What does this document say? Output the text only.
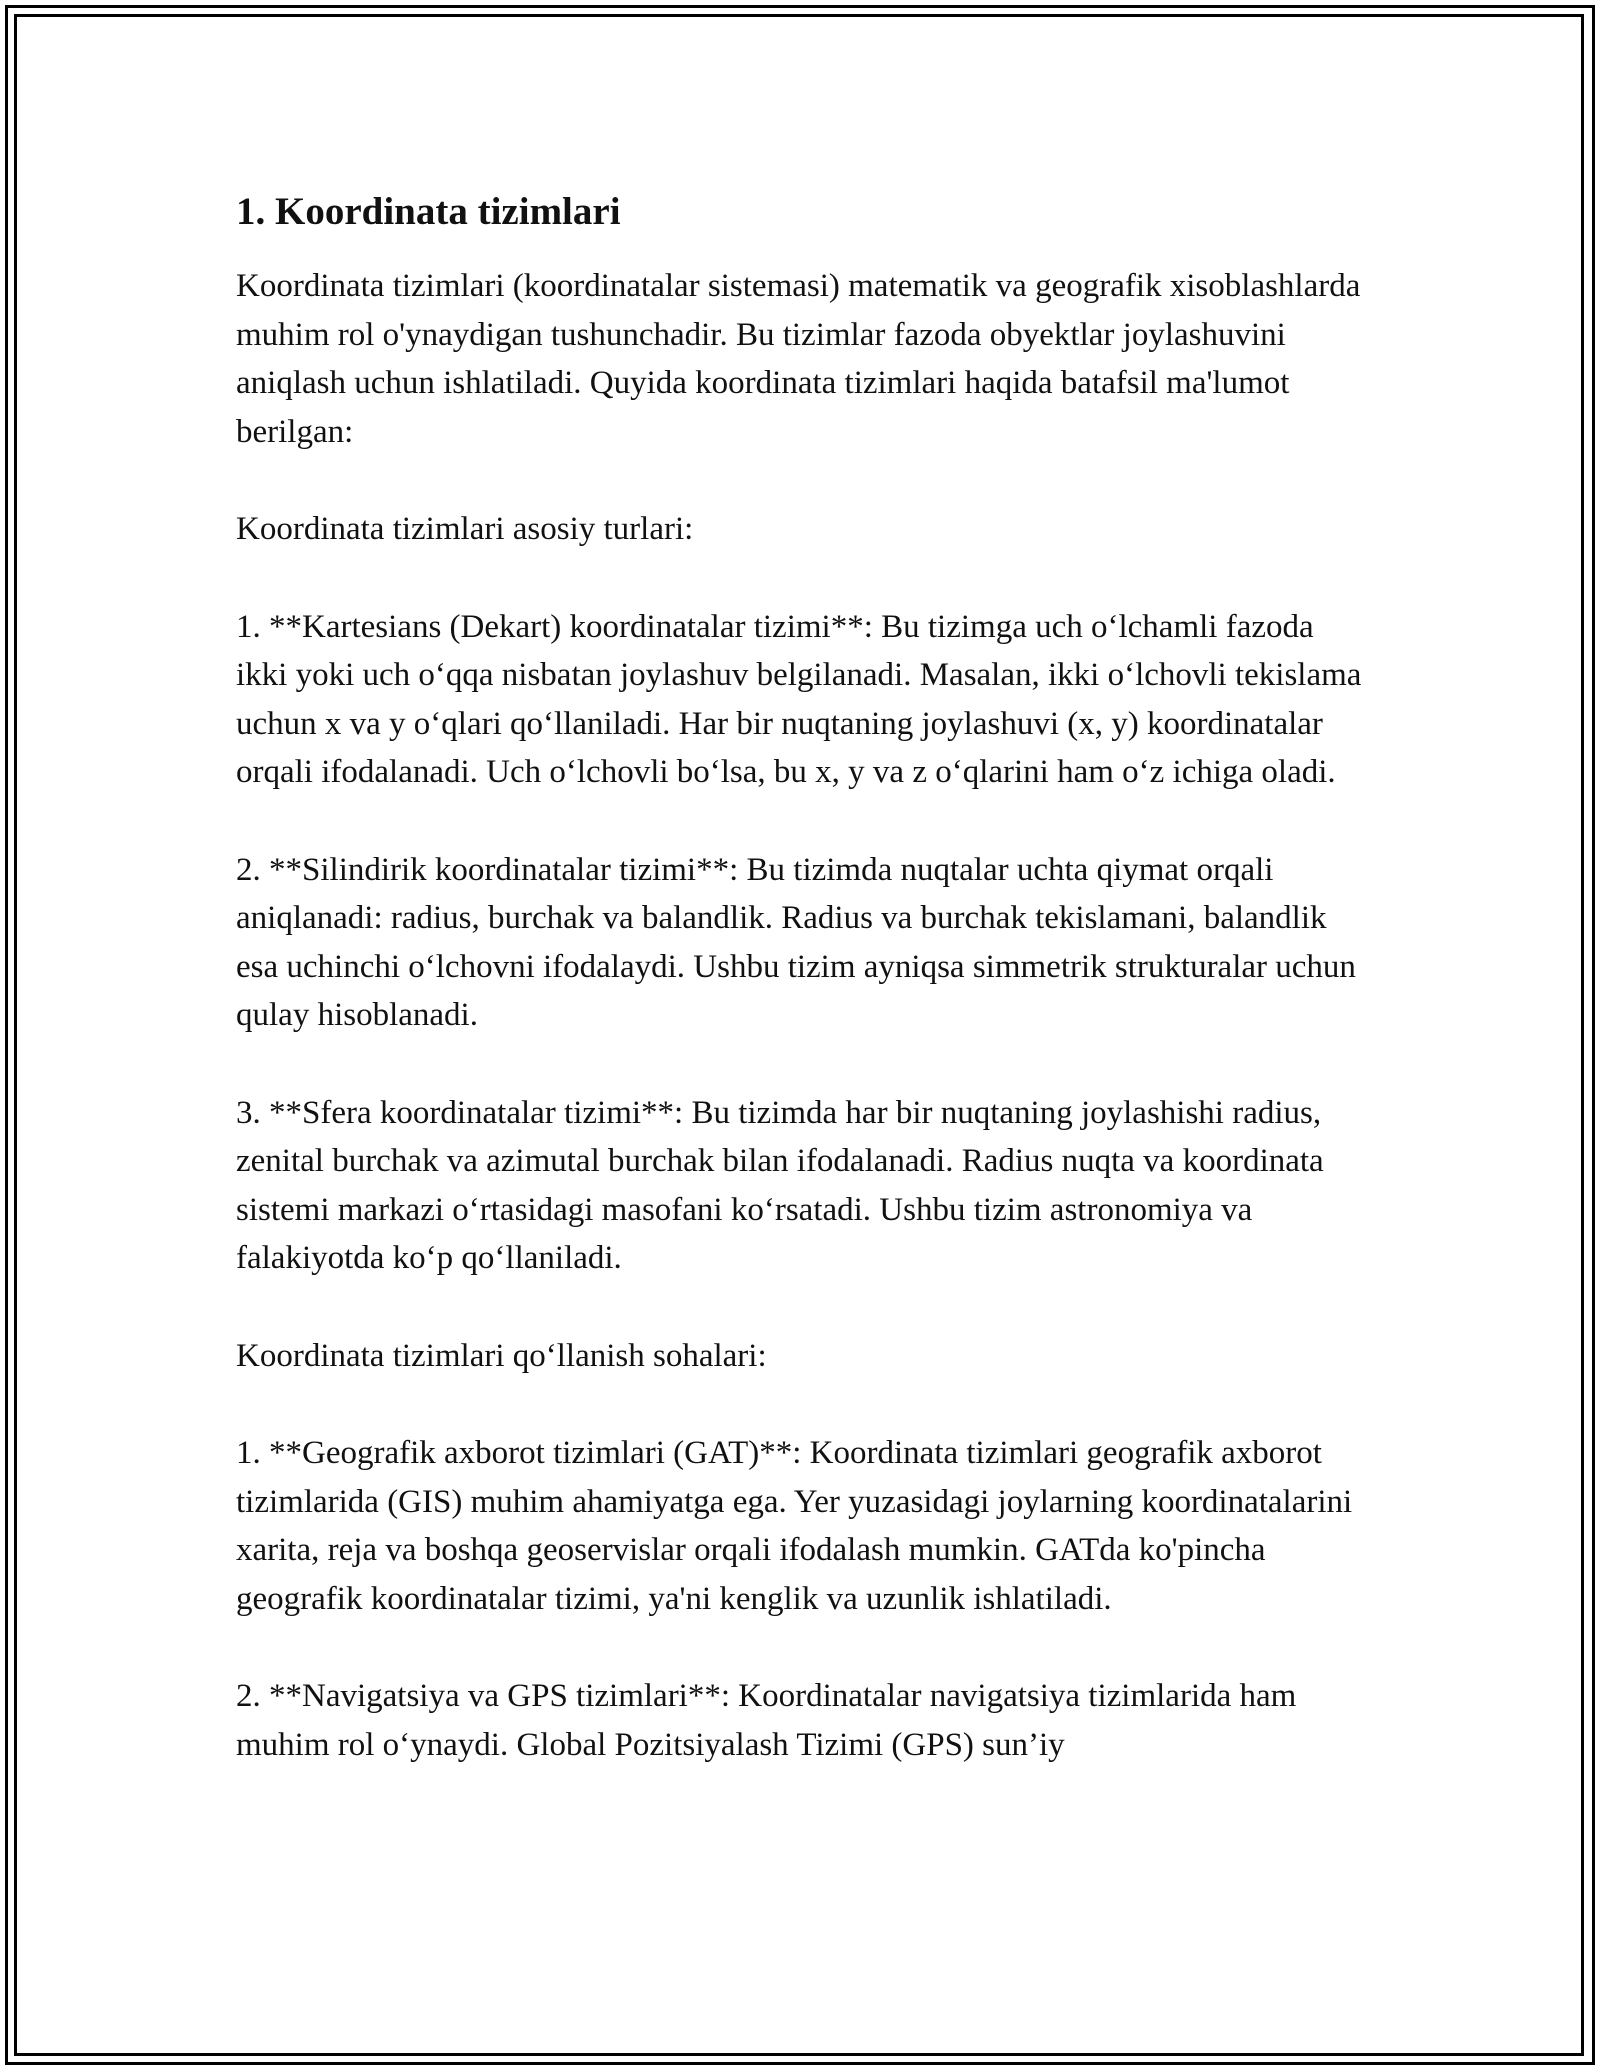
1. Koordinata tizimlari

Koordinata tizimlari (koordinatalar sistemasi) matematik va geografik xisoblashlarda muhim rol o'ynaydigan tushunchadir. Bu tizimlar fazoda obyektlar joylashuvini aniqlash uchun ishlatiladi. Quyida koordinata tizimlari haqida batafsil ma'lumot berilgan:

Koordinata tizimlari asosiy turlari:

1. **Kartesians (Dekart) koordinatalar tizimi**: Bu tizimga uch o‘lchamli fazoda ikki yoki uch o‘qqa nisbatan joylashuv belgilanadi. Masalan, ikki o‘lchovli tekislama uchun x va y o‘qlari qo‘llaniladi. Har bir nuqtaning joylashuvi (x, y) koordinatalar orqali ifodalanadi. Uch o‘lchovli bo‘lsa, bu x, y va z o‘qlarini ham o‘z ichiga oladi.

2. **Silindirik koordinatalar tizimi**: Bu tizimda nuqtalar uchta qiymat orqali aniqlanadi: radius, burchak va balandlik. Radius va burchak tekislamani, balandlik esa uchinchi o‘lchovni ifodalaydi. Ushbu tizim ayniqsa simmetrik strukturalar uchun qulay hisoblanadi.

3. **Sfera koordinatalar tizimi**: Bu tizimda har bir nuqtaning joylashishi radius, zenital burchak va azimutal burchak bilan ifodalanadi. Radius nuqta va koordinata sistemi markazi o‘rtasidagi masofani ko‘rsatadi. Ushbu tizim astronomiya va falakiyotda ko‘p qo‘llaniladi.

Koordinata tizimlari qo‘llanish sohalari:

1. **Geografik axborot tizimlari (GAT)**: Koordinata tizimlari geografik axborot tizimlarida (GIS) muhim ahamiyatga ega. Yer yuzasidagi joylarning koordinatalarini xarita, reja va boshqa geoservislar orqali ifodalash mumkin. GATda ko'pincha geografik koordinatalar tizimi, ya'ni kenglik va uzunlik ishlatiladi.

2. **Navigatsiya va GPS tizimlari**: Koordinatalar navigatsiya tizimlarida ham muhim rol o‘ynaydi. Global Pozitsiyalash Tizimi (GPS) sun’iy
